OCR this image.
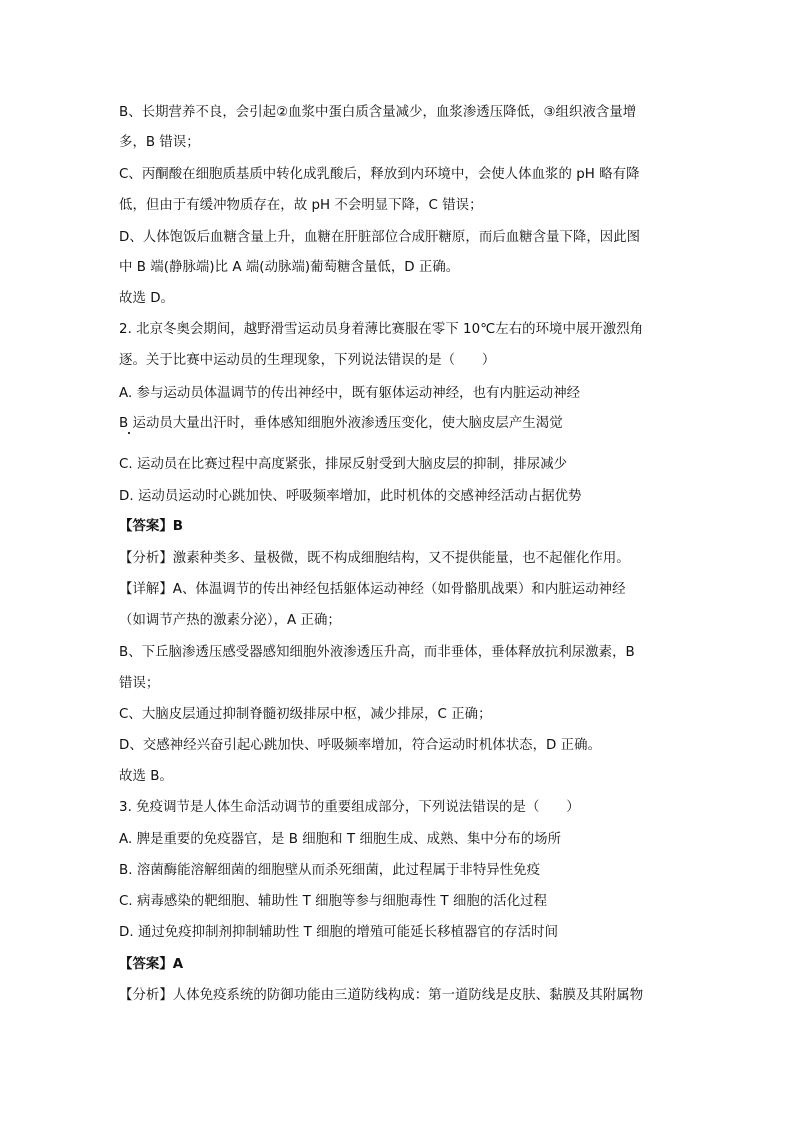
B、长期营养不良，会引起②血浆中蛋白质含量减少，血浆渗透压降低，③组织液含量增
多，B 错误；
C、丙酮酸在细胞质基质中转化成乳酸后，释放到内环境中，会使人体血浆的 pH 略有降
低，但由于有缓冲物质存在，故 pH 不会明显下降，C 错误；
D、人体饱饭后血糖含量上升，血糖在肝脏部位合成肝糖原，而后血糖含量下降，因此图
中 B 端(静脉端)比 A 端(动脉端)葡萄糖含量低，D 正确。
故选 D。
2. 北京冬奥会期间，越野滑雪运动员身着薄比赛服在零下 10℃左右的环境中展开激烈角
逐。关于比赛中运动员的生理现象，下列说法错误的是（　　）
A. 参与运动员体温调节的传出神经中，既有躯体运动神经，也有内脏运动神经
B 运动员大量出汗时，垂体感知细胞外液渗透压变化，使大脑皮层产生渴觉
C. 运动员在比赛过程中高度紧张，排尿反射受到大脑皮层的抑制，排尿减少
D. 运动员运动时心跳加快、呼吸频率增加，此时机体的交感神经活动占据优势
【答案】B
【分析】激素种类多、量极微，既不构成细胞结构，又不提供能量，也不起催化作用。
【详解】A、体温调节的传出神经包括躯体运动神经（如骨骼肌战栗）和内脏运动神经
（如调节产热的激素分泌），A 正确；
B、下丘脑渗透压感受器感知细胞外液渗透压升高，而非垂体，垂体释放抗利尿激素，B
错误；
C、大脑皮层通过抑制脊髓初级排尿中枢，减少排尿，C 正确；
D、交感神经兴奋引起心跳加快、呼吸频率增加，符合运动时机体状态，D 正确。
故选 B。
3. 免疫调节是人体生命活动调节的重要组成部分，下列说法错误的是（　　）
A. 脾是重要的免疫器官，是 B 细胞和 T 细胞生成、成熟、集中分布的场所
B. 溶菌酶能溶解细菌的细胞壁从而杀死细菌，此过程属于非特异性免疫
C. 病毒感染的靶细胞、辅助性 T 细胞等参与细胞毒性 T 细胞的活化过程
D. 通过免疫抑制剂抑制辅助性 T 细胞的增殖可能延长移植器官的存活时间
【答案】A
【分析】人体免疫系统的防御功能由三道防线构成：第一道防线是皮肤、黏膜及其附属物
